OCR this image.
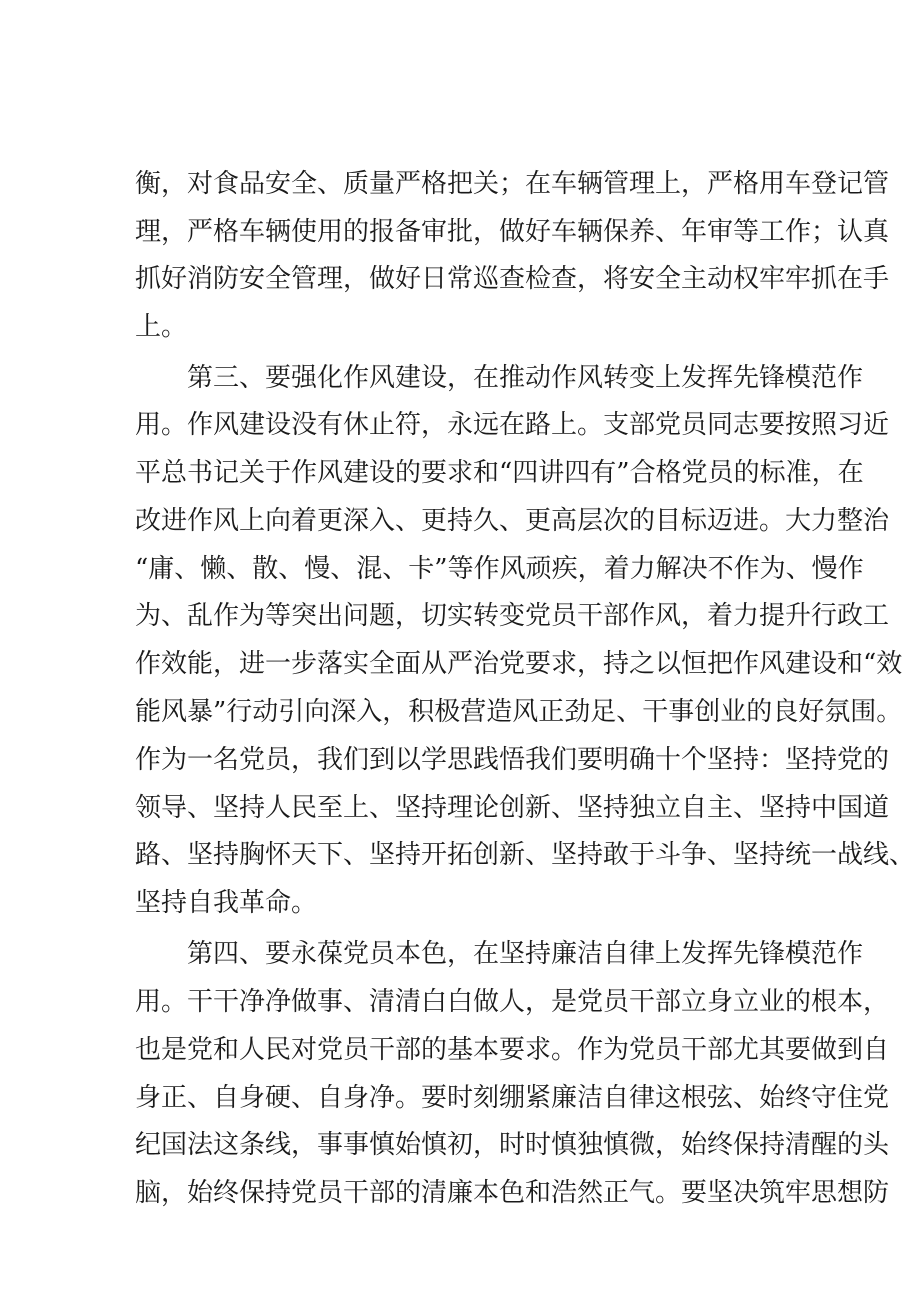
衡，对食品安全、质量严格把关；在车辆管理上，严格用车登记管
理，严格车辆使用的报备审批，做好车辆保养、年审等工作；认真
抓好消防安全管理，做好日常巡查检查，将安全主动权牢牢抓在手
上。
第三、要强化作风建设，在推动作风转变上发挥先锋模范作
用。作风建设没有休止符，永远在路上。支部党员同志要按照习近
平总书记关于作风建设的要求和“四讲四有”合格党员的标准，在
改进作风上向着更深入、更持久、更高层次的目标迈进。大力整治
“庸、懒、散、慢、混、卡”等作风顽疾，着力解决不作为、慢作
为、乱作为等突出问题，切实转变党员干部作风，着力提升行政工
作效能，进一步落实全面从严治党要求，持之以恒把作风建设和“效
能风暴”行动引向深入，积极营造风正劲足、干事创业的良好氛围。
作为一名党员，我们到以学思践悟我们要明确十个坚持：坚持党的
领导、坚持人民至上、坚持理论创新、坚持独立自主、坚持中国道
路、坚持胸怀天下、坚持开拓创新、坚持敢于斗争、坚持统一战线、
坚持自我革命。
第四、要永葆党员本色，在坚持廉洁自律上发挥先锋模范作
用。干干净净做事、清清白白做人，是党员干部立身立业的根本，
也是党和人民对党员干部的基本要求。作为党员干部尤其要做到自
身正、自身硬、自身净。要时刻绷紧廉洁自律这根弦、始终守住党
纪国法这条线，事事慎始慎初，时时慎独慎微，始终保持清醒的头
脑，始终保持党员干部的清廉本色和浩然正气。要坚决筑牢思想防
